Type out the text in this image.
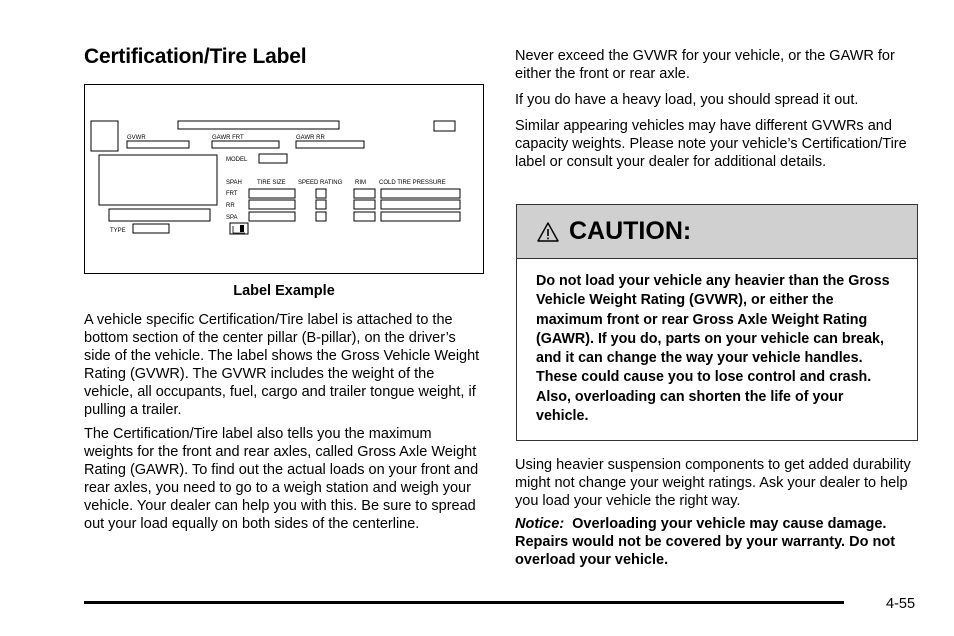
Certification/Tire Label
GVWR	GAWR FRT	GAWR RR
MODEL
SPAH	TIRE SIZE SPEED RATING RIM COLD TIRE PRESSURE
FRT
RR
SPA
TYPE
Label Example

A vehicle specific Certification/Tire label is attached to the bottom section of the center pillar (B-pillar), on the driver’s side of the vehicle. The label shows the Gross Vehicle Weight Rating (GVWR). The GVWR includes the weight of the vehicle, all occupants, fuel, cargo and trailer tongue weight, if pulling a trailer.

The Certification/Tire label also tells you the maximum weights for the front and rear axles, called Gross Axle Weight Rating (GAWR). To find out the actual loads on your front and rear axles, you need to go to a weigh station and weigh your vehicle. Your dealer can help you with this. Be sure to spread out your load equally on both sides of the centerline.

Never exceed the GVWR for your vehicle, or the GAWR for either the front or rear axle.

If you do have a heavy load, you should spread it out.

Similar appearing vehicles may have different GVWRs and capacity weights. Please note your vehicle’s Certification/Tire label or consult your dealer for additional details.

CAUTION:
Do not load your vehicle any heavier than the Gross Vehicle Weight Rating (GVWR), or either the maximum front or rear Gross Axle Weight Rating (GAWR). If you do, parts on your vehicle can break, and it can change the way your vehicle handles. These could cause you to lose control and crash. Also, overloading can shorten the life of your vehicle.

Using heavier suspension components to get added durability might not change your weight ratings. Ask your dealer to help you load your vehicle the right way.

Notice: Overloading your vehicle may cause damage. Repairs would not be covered by your warranty. Do not overload your vehicle.
4-55
